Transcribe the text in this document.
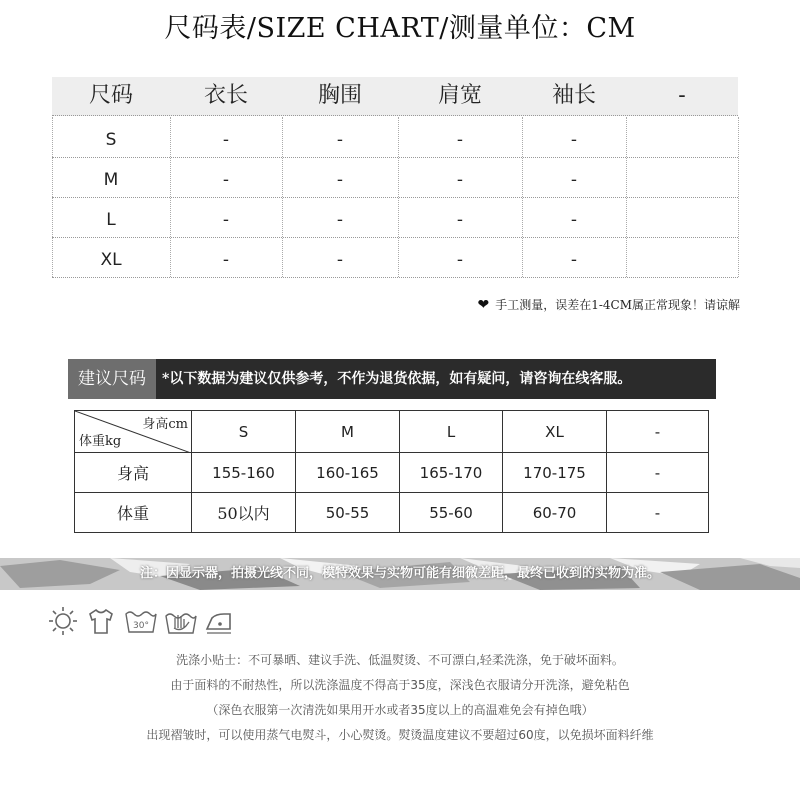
尺码表/SIZE CHART/测量单位：CM
尺码	衣长	胸围	肩宽	袖长	-
S	-	-	-	-
M	-	-	-	-
L	-	-	-	-
XL	-	-	-	-
❤ 手工测量，误差在1-4CM属正常现象！请谅解
建议尺码	*以下数据为建议仅供参考，不作为退货依据，如有疑问，请咨询在线客服。
身高cm
体重kg	S	M	L	XL	-
身高	155-160	160-165	165-170	170-175	-
体重	50以内	50-55	55-60	60-70	-
注：因显示器，拍摄光线不同，模特效果与实物可能有细微差距，最终已收到的实物为准。
30°
洗涤小贴士：不可暴晒、建议手洗、低温熨烫、不可漂白,轻柔洗涤，免于破坏面料。
由于面料的不耐热性，所以洗涤温度不得高于35度，深浅色衣服请分开洗涤，避免粘色
（深色衣服第一次清洗如果用开水或者35度以上的高温难免会有掉色哦）
出现褶皱时，可以使用蒸气电熨斗，小心熨烫。熨烫温度建议不要超过60度，以免损坏面料纤维
